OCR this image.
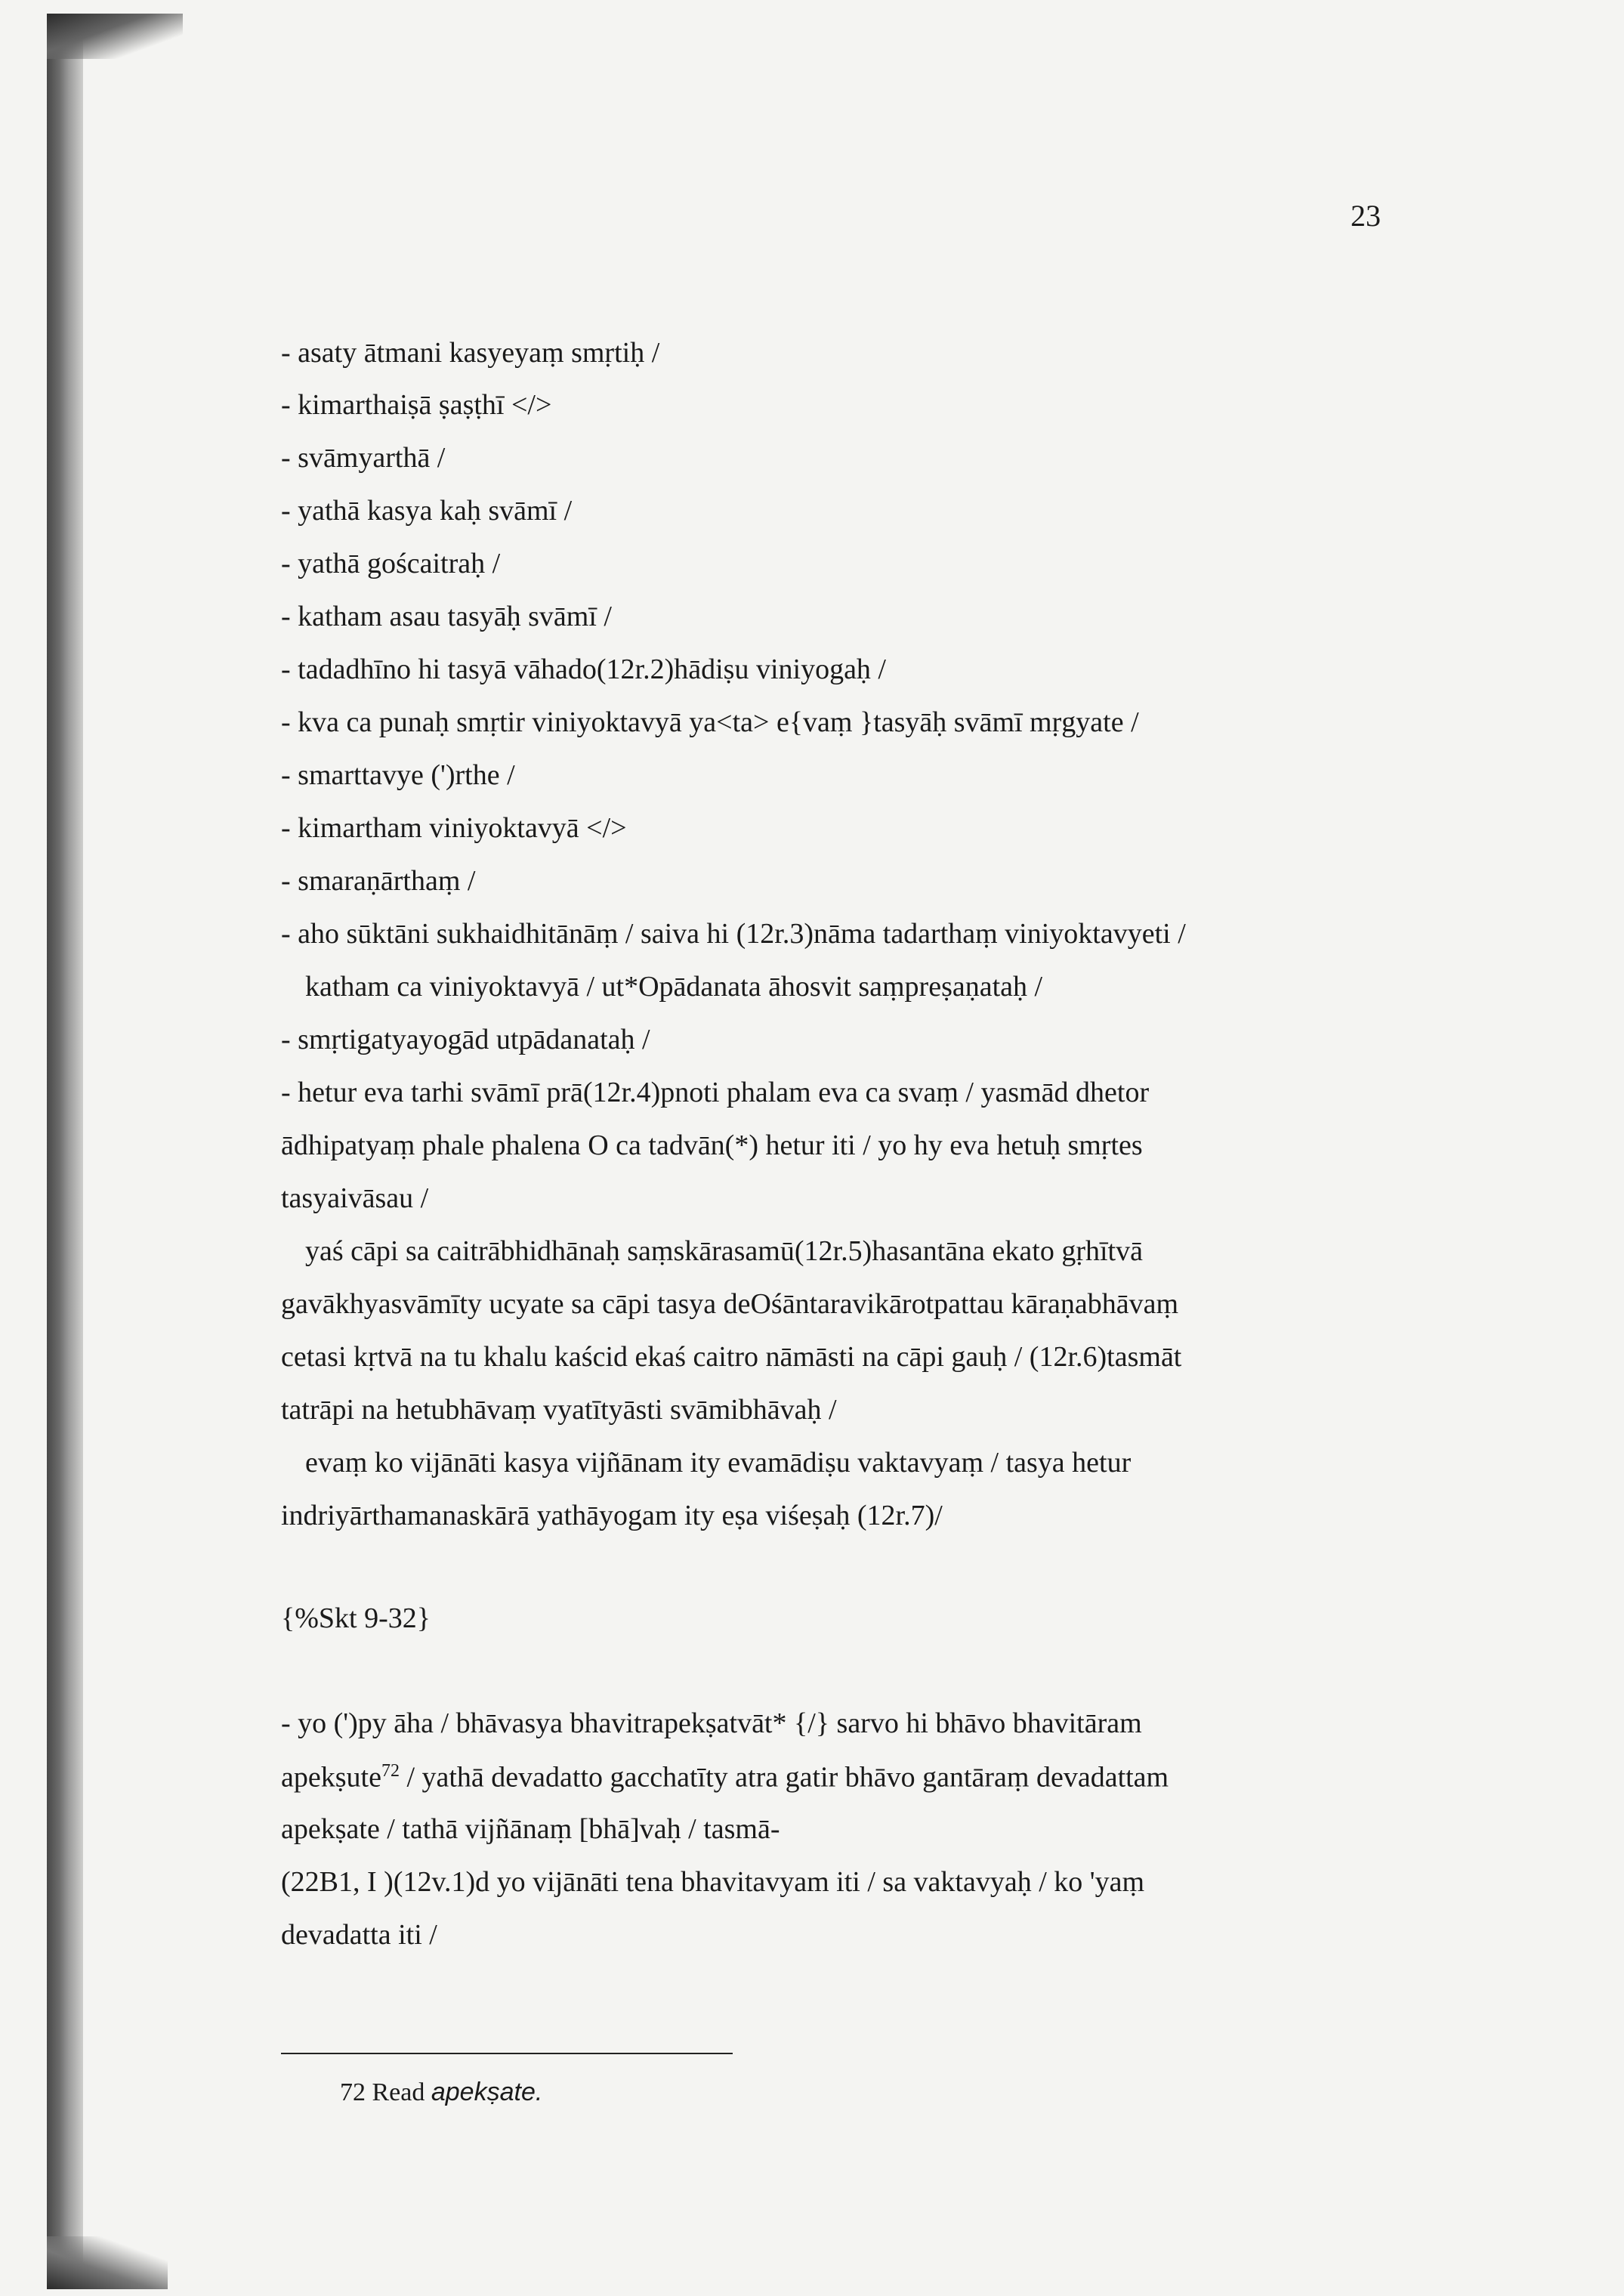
23
- asaty ātmani kasyeyaṃ smṛtiḥ /
- kimarthaiṣā ṣaṣṭhī </>
- svāmyarthā /
- yathā kasya kaḥ svāmī /
- yathā goścaitraḥ /
- katham asau tasyāḥ svāmī /
- tadadhīno hi tasyā vāhado(12r.2)hādiṣu viniyogaḥ /
- kva ca punaḥ smṛtir viniyoktavyā ya<ta> e{vaṃ }tasyāḥ svāmī mṛgyate /
- smarttavye (')rthe /
- kimartham viniyoktavyā </>
- smaraṇārthaṃ /
- aho sūktāni sukhaidhitānāṃ / saiva hi (12r.3)nāma tadarthaṃ viniyoktavyeti /
katham ca viniyoktavyā / ut*Opādanata āhosvit saṃpreṣaṇataḥ /
- smṛtigatyayogād utpādanataḥ /
- hetur eva tarhi svāmī prā(12r.4)pnoti phalam eva ca svaṃ / yasmād dhetor
ādhipatyaṃ phale phalena O ca tadvān(*) hetur iti / yo hy eva hetuḥ smṛtes
tasyaivāsau /
yaś cāpi sa caitrābhidhānaḥ saṃskārasamū(12r.5)hasantāna ekato gṛhītvā
gavākhyasvāmīty ucyate sa cāpi tasya deOśāntaravikārotpattau kāraṇabhāvaṃ
cetasi kṛtvā na tu khalu kaścid ekaś caitro nāmāsti na cāpi gauḥ / (12r.6)tasmāt
tatrāpi na hetubhāvaṃ vyatītyāsti svāmibhāvaḥ /
evaṃ ko vijānāti kasya vijñānam ity evamādiṣu vaktavyaṃ / tasya hetur
indriyārthamanaskārā yathāyogam ity eṣa viśeṣaḥ (12r.7)/
{%Skt 9-32}
- yo (')py āha / bhāvasya bhavitrapekṣatvāt* {/} sarvo hi bhāvo bhavitāram
apekṣute$^{72}$ / yathā devadatto gacchatīty atra gatir bhāvo gantāraṃ devadattam
apekṣate / tathā vijñānaṃ [bhā]vaḥ / tasmā-
(22B1, I )(12v.1)d yo vijānāti tena bhavitavyam iti / sa vaktavyaḥ / ko 'yaṃ
devadatta iti /
72 Read apekṣate.
